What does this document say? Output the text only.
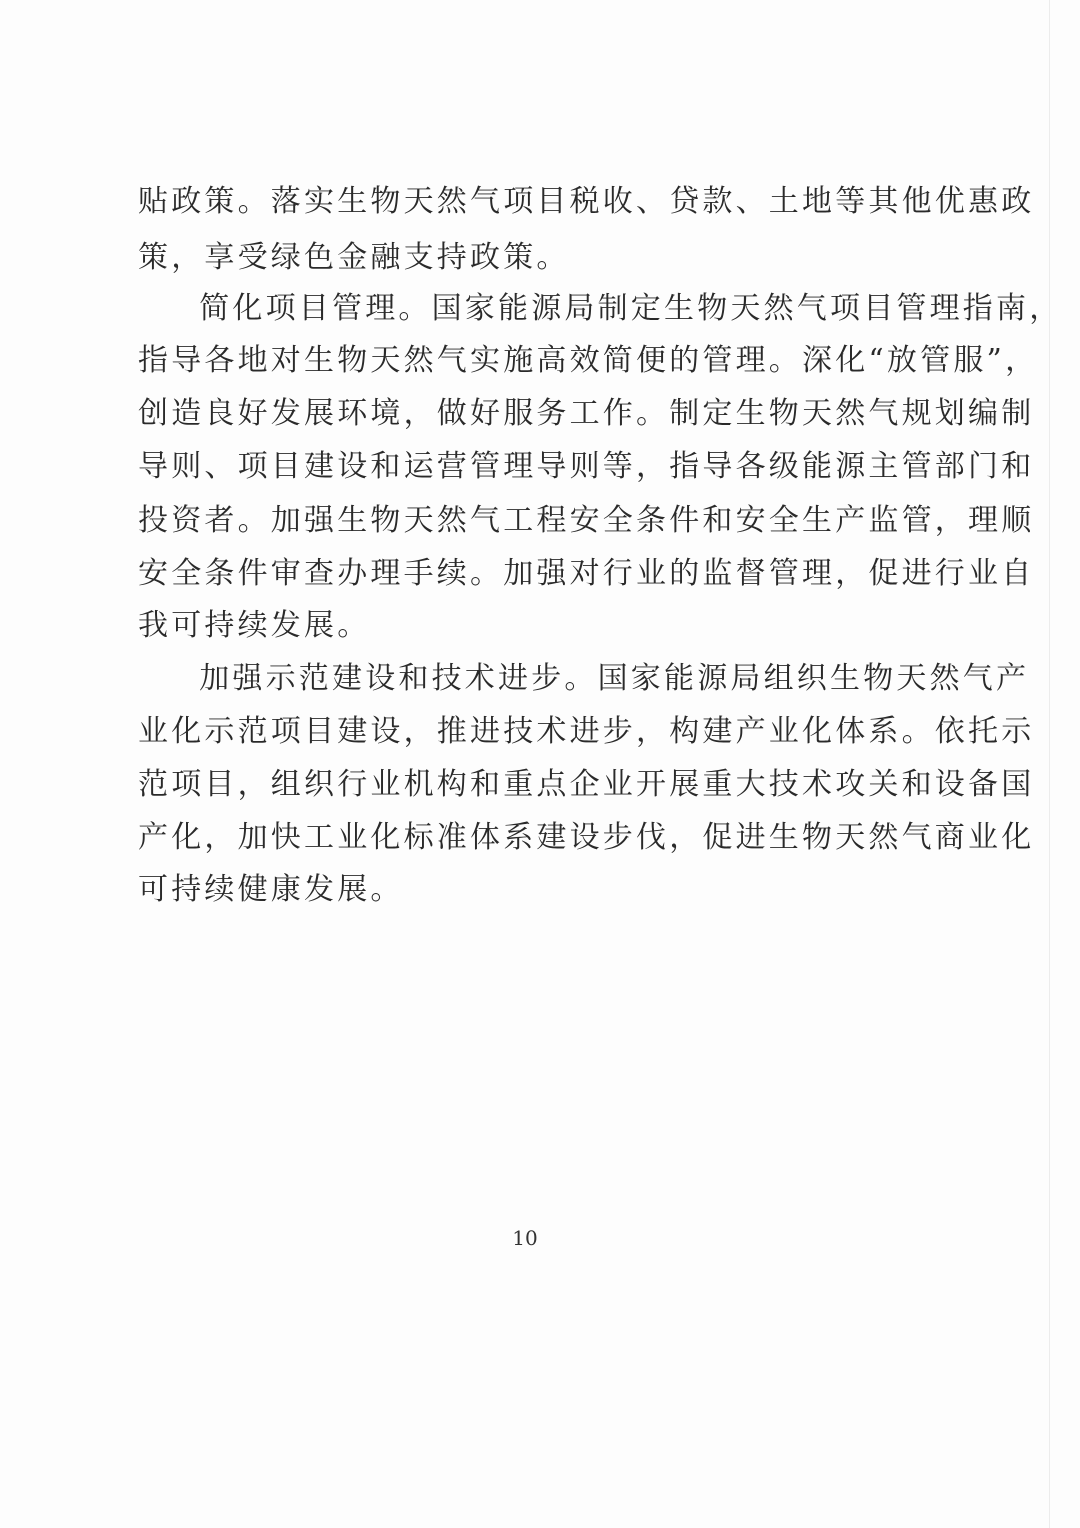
贴政策。落实生物天然气项目税收、贷款、土地等其他优惠政
策，享受绿色金融支持政策。
　简化项目管理。国家能源局制定生物天然气项目管理指南，
指导各地对生物天然气实施高效简便的管理。深化“放管服”，
创造良好发展环境，做好服务工作。制定生物天然气规划编制
导则、项目建设和运营管理导则等，指导各级能源主管部门和
投资者。加强生物天然气工程安全条件和安全生产监管，理顺
安全条件审查办理手续。加强对行业的监督管理，促进行业自
我可持续发展。
　加强示范建设和技术进步。国家能源局组织生物天然气产
业化示范项目建设，推进技术进步，构建产业化体系。依托示
范项目，组织行业机构和重点企业开展重大技术攻关和设备国
产化，加快工业化标准体系建设步伐，促进生物天然气商业化
可持续健康发展。
10
